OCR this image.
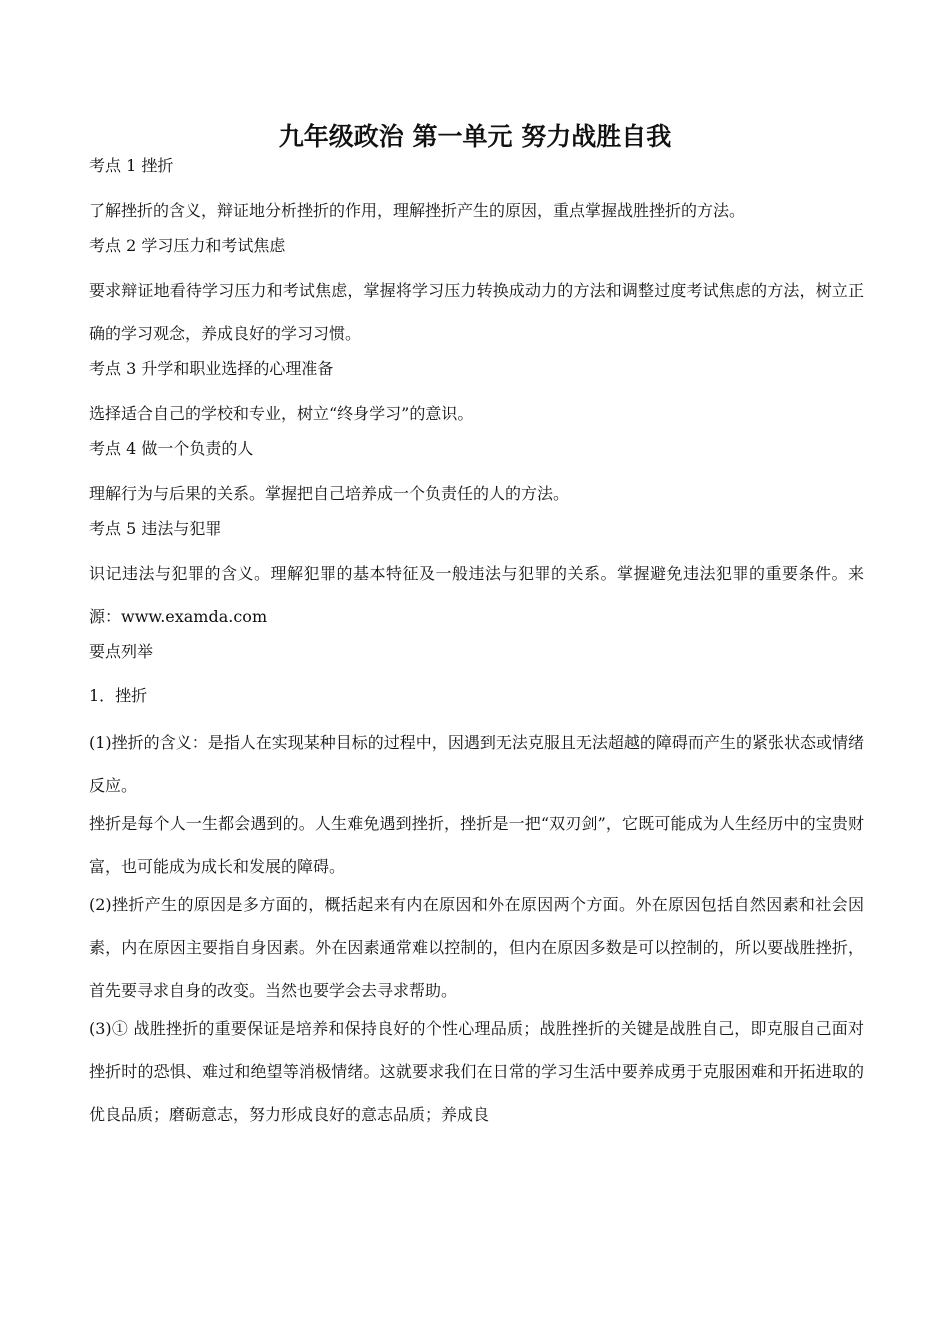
九年级政治 第一单元 努力战胜自我
考点 1 挫折
了解挫折的含义，辩证地分析挫折的作用，理解挫折产生的原因，重点掌握战胜挫折的方法。
考点 2 学习压力和考试焦虑
要求辩证地看待学习压力和考试焦虑，掌握将学习压力转换成动力的方法和调整过度考试焦虑的方法，树立正确的学习观念，养成良好的学习习惯。
考点 3 升学和职业选择的心理准备
选择适合自己的学校和专业，树立“终身学习”的意识。
考点 4 做一个负责的人
理解行为与后果的关系。掌握把自己培养成一个负责任的人的方法。
考点 5 违法与犯罪
识记违法与犯罪的含义。理解犯罪的基本特征及一般违法与犯罪的关系。掌握避免违法犯罪的重要条件。来源：www.examda.com
要点列举
1．挫折
(1)挫折的含义：是指人在实现某种目标的过程中，因遇到无法克服且无法超越的障碍而产生的紧张状态或情绪反应。
挫折是每个人一生都会遇到的。人生难免遇到挫折，挫折是一把“双刃剑”，它既可能成为人生经历中的宝贵财富，也可能成为成长和发展的障碍。
(2)挫折产生的原因是多方面的，概括起来有内在原因和外在原因两个方面。外在原因包括自然因素和社会因素，内在原因主要指自身因素。外在因素通常难以控制的，但内在原因多数是可以控制的，所以要战胜挫折，首先要寻求自身的改变。当然也要学会去寻求帮助。
(3)① 战胜挫折的重要保证是培养和保持良好的个性心理品质；战胜挫折的关键是战胜自己，即克服自己面对挫折时的恐惧、难过和绝望等消极情绪。这就要求我们在日常的学习生活中要养成勇于克服困难和开拓进取的优良品质；磨砺意志，努力形成良好的意志品质；养成良
